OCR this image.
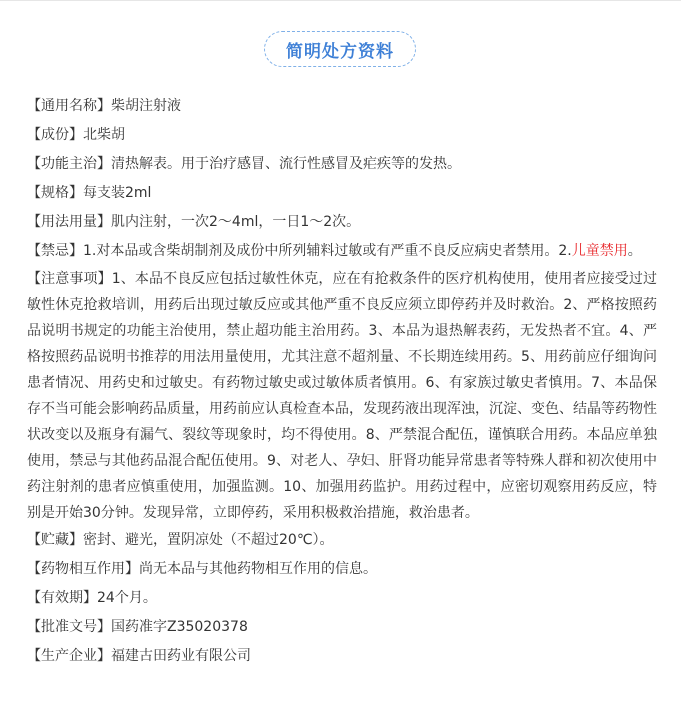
简明处方资料
【通用名称】柴胡注射液
【成份】北柴胡
【功能主治】清热解表。用于治疗感冒、流行性感冒及疟疾等的发热。
【规格】每支装2ml
【用法用量】肌内注射，一次2～4ml，一日1～2次。
【禁忌】1.对本品或含柴胡制剂及成份中所列辅料过敏或有严重不良反应病史者禁用。2.儿童禁用。
【注意事项】1、本品不良反应包括过敏性休克，应在有抢救条件的医疗机构使用，使用者应接受过过敏性休克抢救培训，用药后出现过敏反应或其他严重不良反应须立即停药并及时救治。2、严格按照药品说明书规定的功能主治使用，禁止超功能主治用药。3、本品为退热解表药，无发热者不宜。4、严格按照药品说明书推荐的用法用量使用，尤其注意不超剂量、不长期连续用药。5、用药前应仔细询问患者情况、用药史和过敏史。有药物过敏史或过敏体质者慎用。6、有家族过敏史者慎用。7、本品保存不当可能会影响药品质量，用药前应认真检查本品，发现药液出现浑浊，沉淀、变色、结晶等药物性状改变以及瓶身有漏气、裂纹等现象时，均不得使用。8、严禁混合配伍，谨慎联合用药。本品应单独使用，禁忌与其他药品混合配伍使用。9、对老人、孕妇、肝肾功能异常患者等特殊人群和初次使用中药注射剂的患者应慎重使用，加强监测。10、加强用药监护。用药过程中，应密切观察用药反应，特别是开始30分钟。发现异常，立即停药，采用积极救治措施，救治患者。
【贮藏】密封、避光，置阴凉处（不超过20℃）。
【药物相互作用】尚无本品与其他药物相互作用的信息。
【有效期】24个月。
【批准文号】国药准字Z35020378
【生产企业】福建古田药业有限公司
